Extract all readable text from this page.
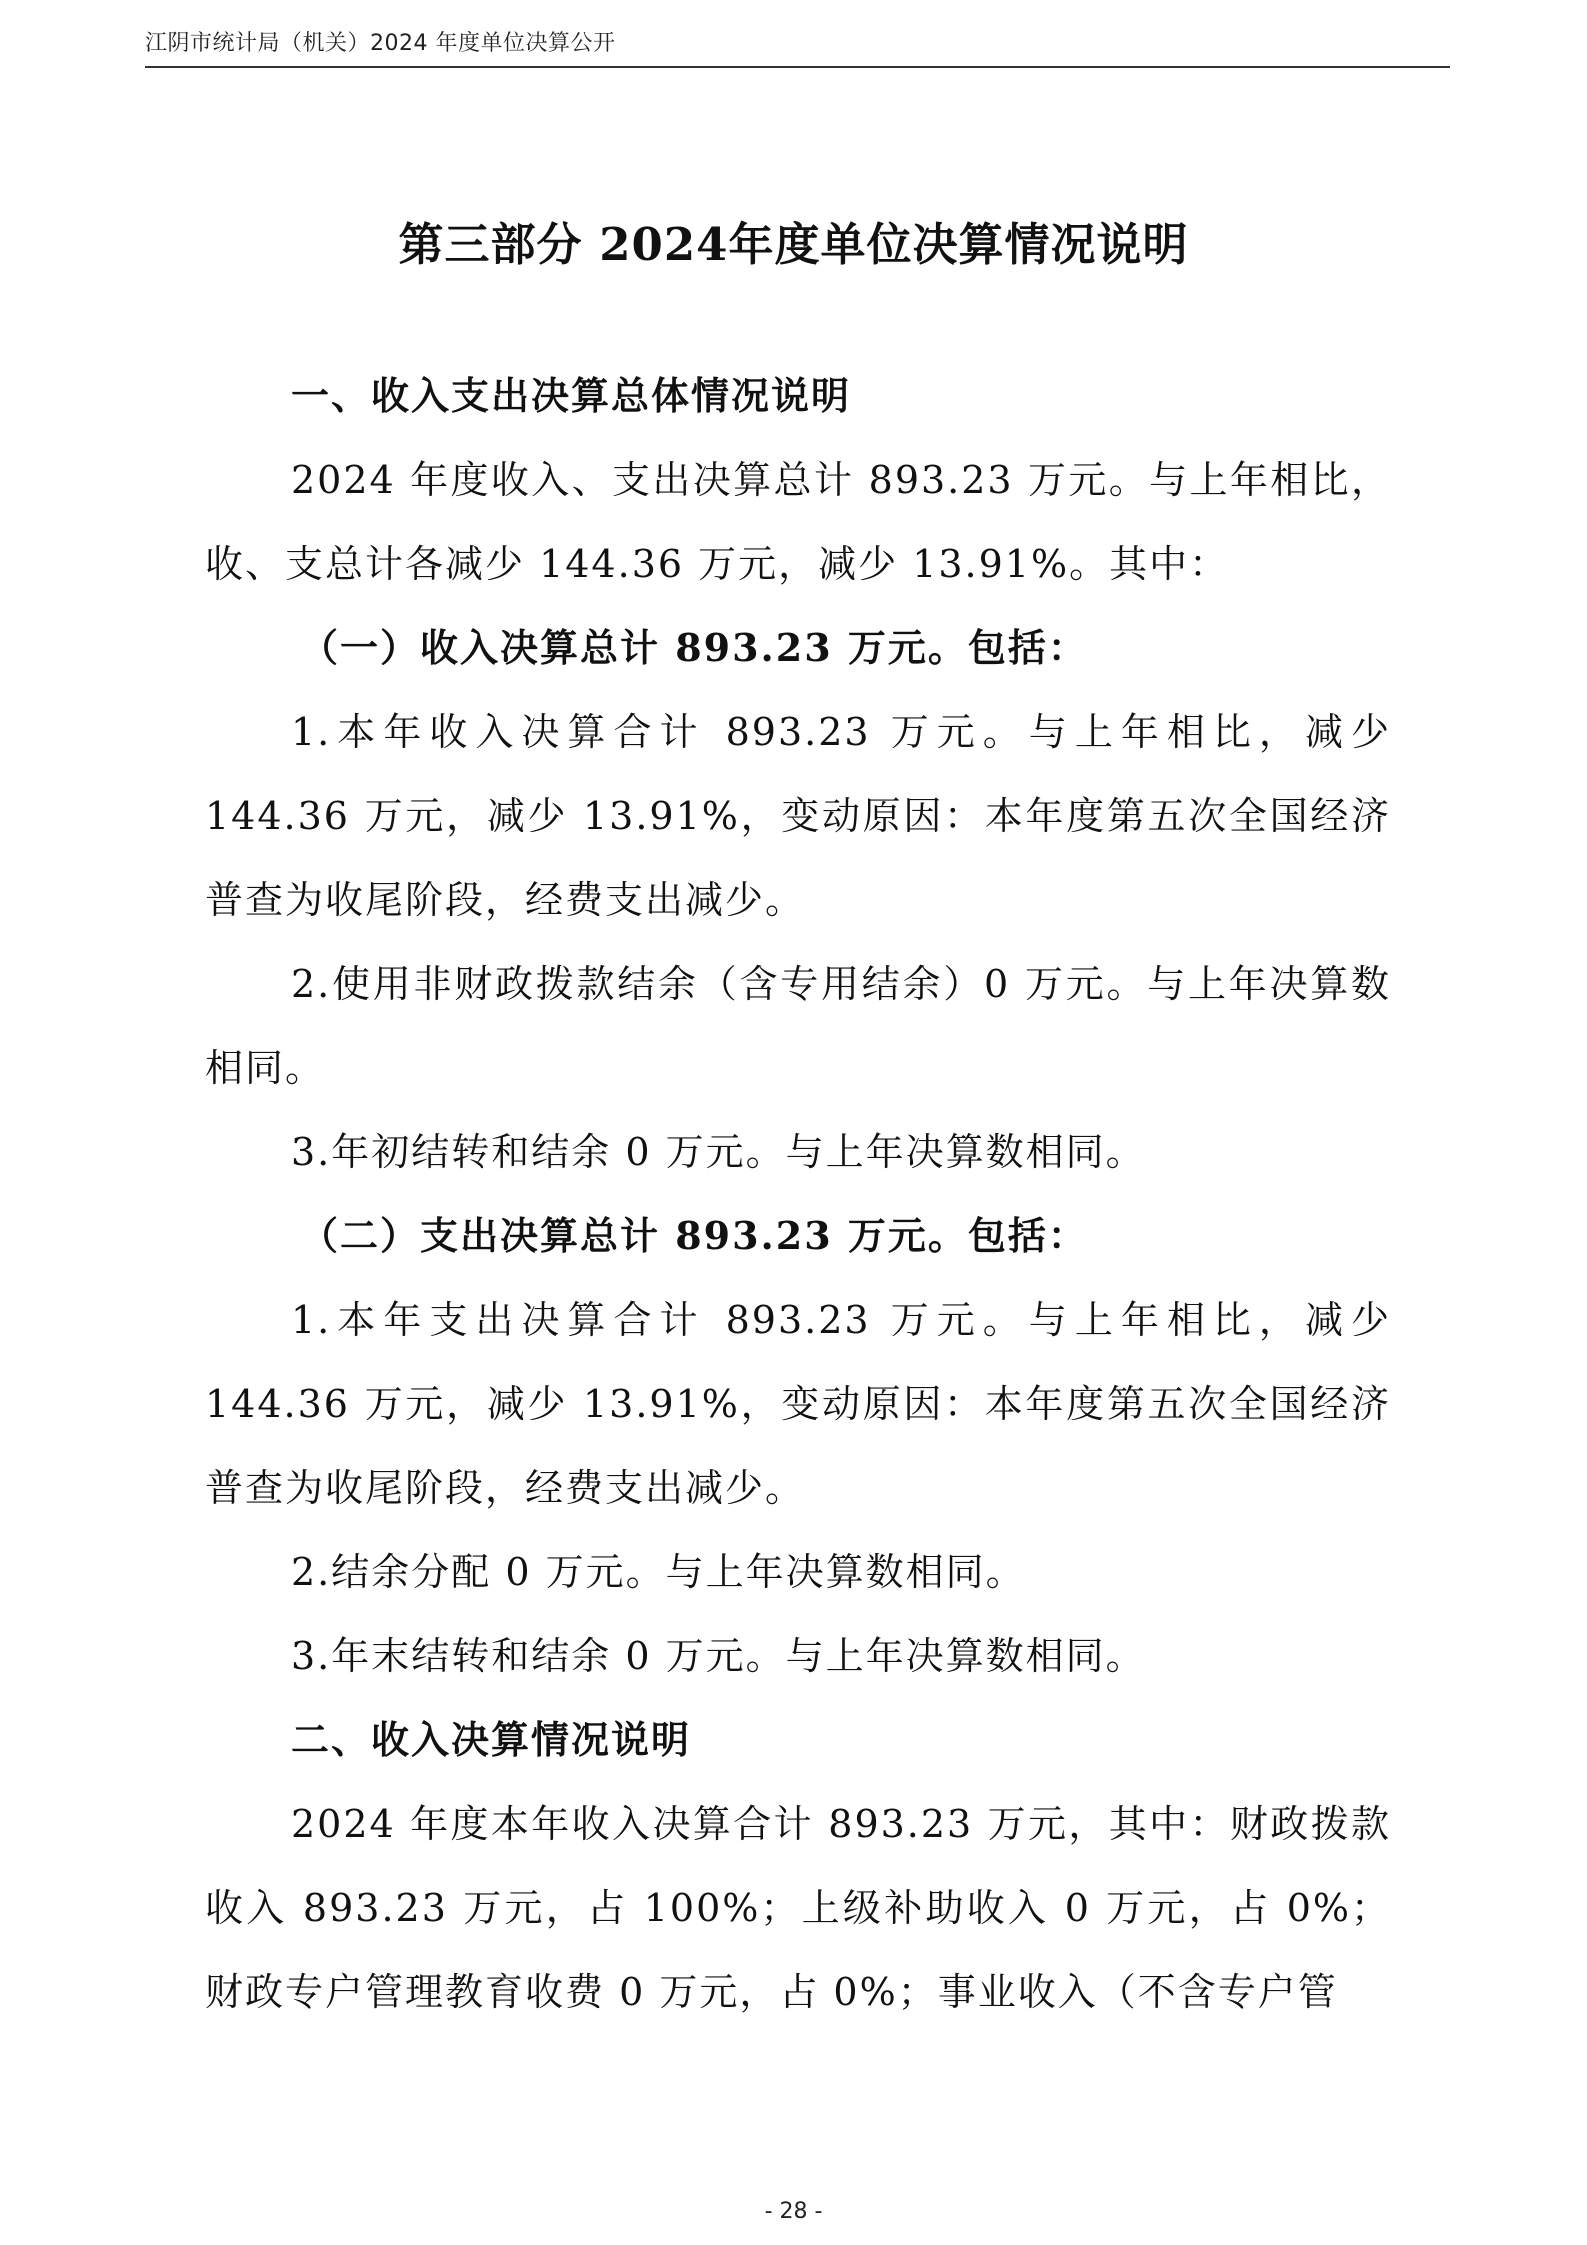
江阴市统计局（机关）2024 年度单位决算公开
第三部分 2024年度单位决算情况说明

一、收入支出决算总体情况说明

2024 年度收入、支出决算总计 893.23 万元。与上年相比，收、支总计各减少 144.36 万元，减少 13.91%。其中：

（一）收入决算总计 893.23 万元。包括：

1.本年收入决算合计 893.23 万元。与上年相比，减少 144.36 万元，减少 13.91%，变动原因：本年度第五次全国经济普查为收尾阶段，经费支出减少。

2.使用非财政拨款结余（含专用结余）0 万元。与上年决算数相同。

3.年初结转和结余 0 万元。与上年决算数相同。

（二）支出决算总计 893.23 万元。包括：

1.本年支出决算合计 893.23 万元。与上年相比，减少 144.36 万元，减少 13.91%，变动原因：本年度第五次全国经济普查为收尾阶段，经费支出减少。

2.结余分配 0 万元。与上年决算数相同。

3.年末结转和结余 0 万元。与上年决算数相同。

二、收入决算情况说明

2024 年度本年收入决算合计 893.23 万元，其中：财政拨款收入 893.23 万元，占 100%；上级补助收入 0 万元，占 0%；财政专户管理教育收费 0 万元，占 0%；事业收入（不含专户管

- 28 -
